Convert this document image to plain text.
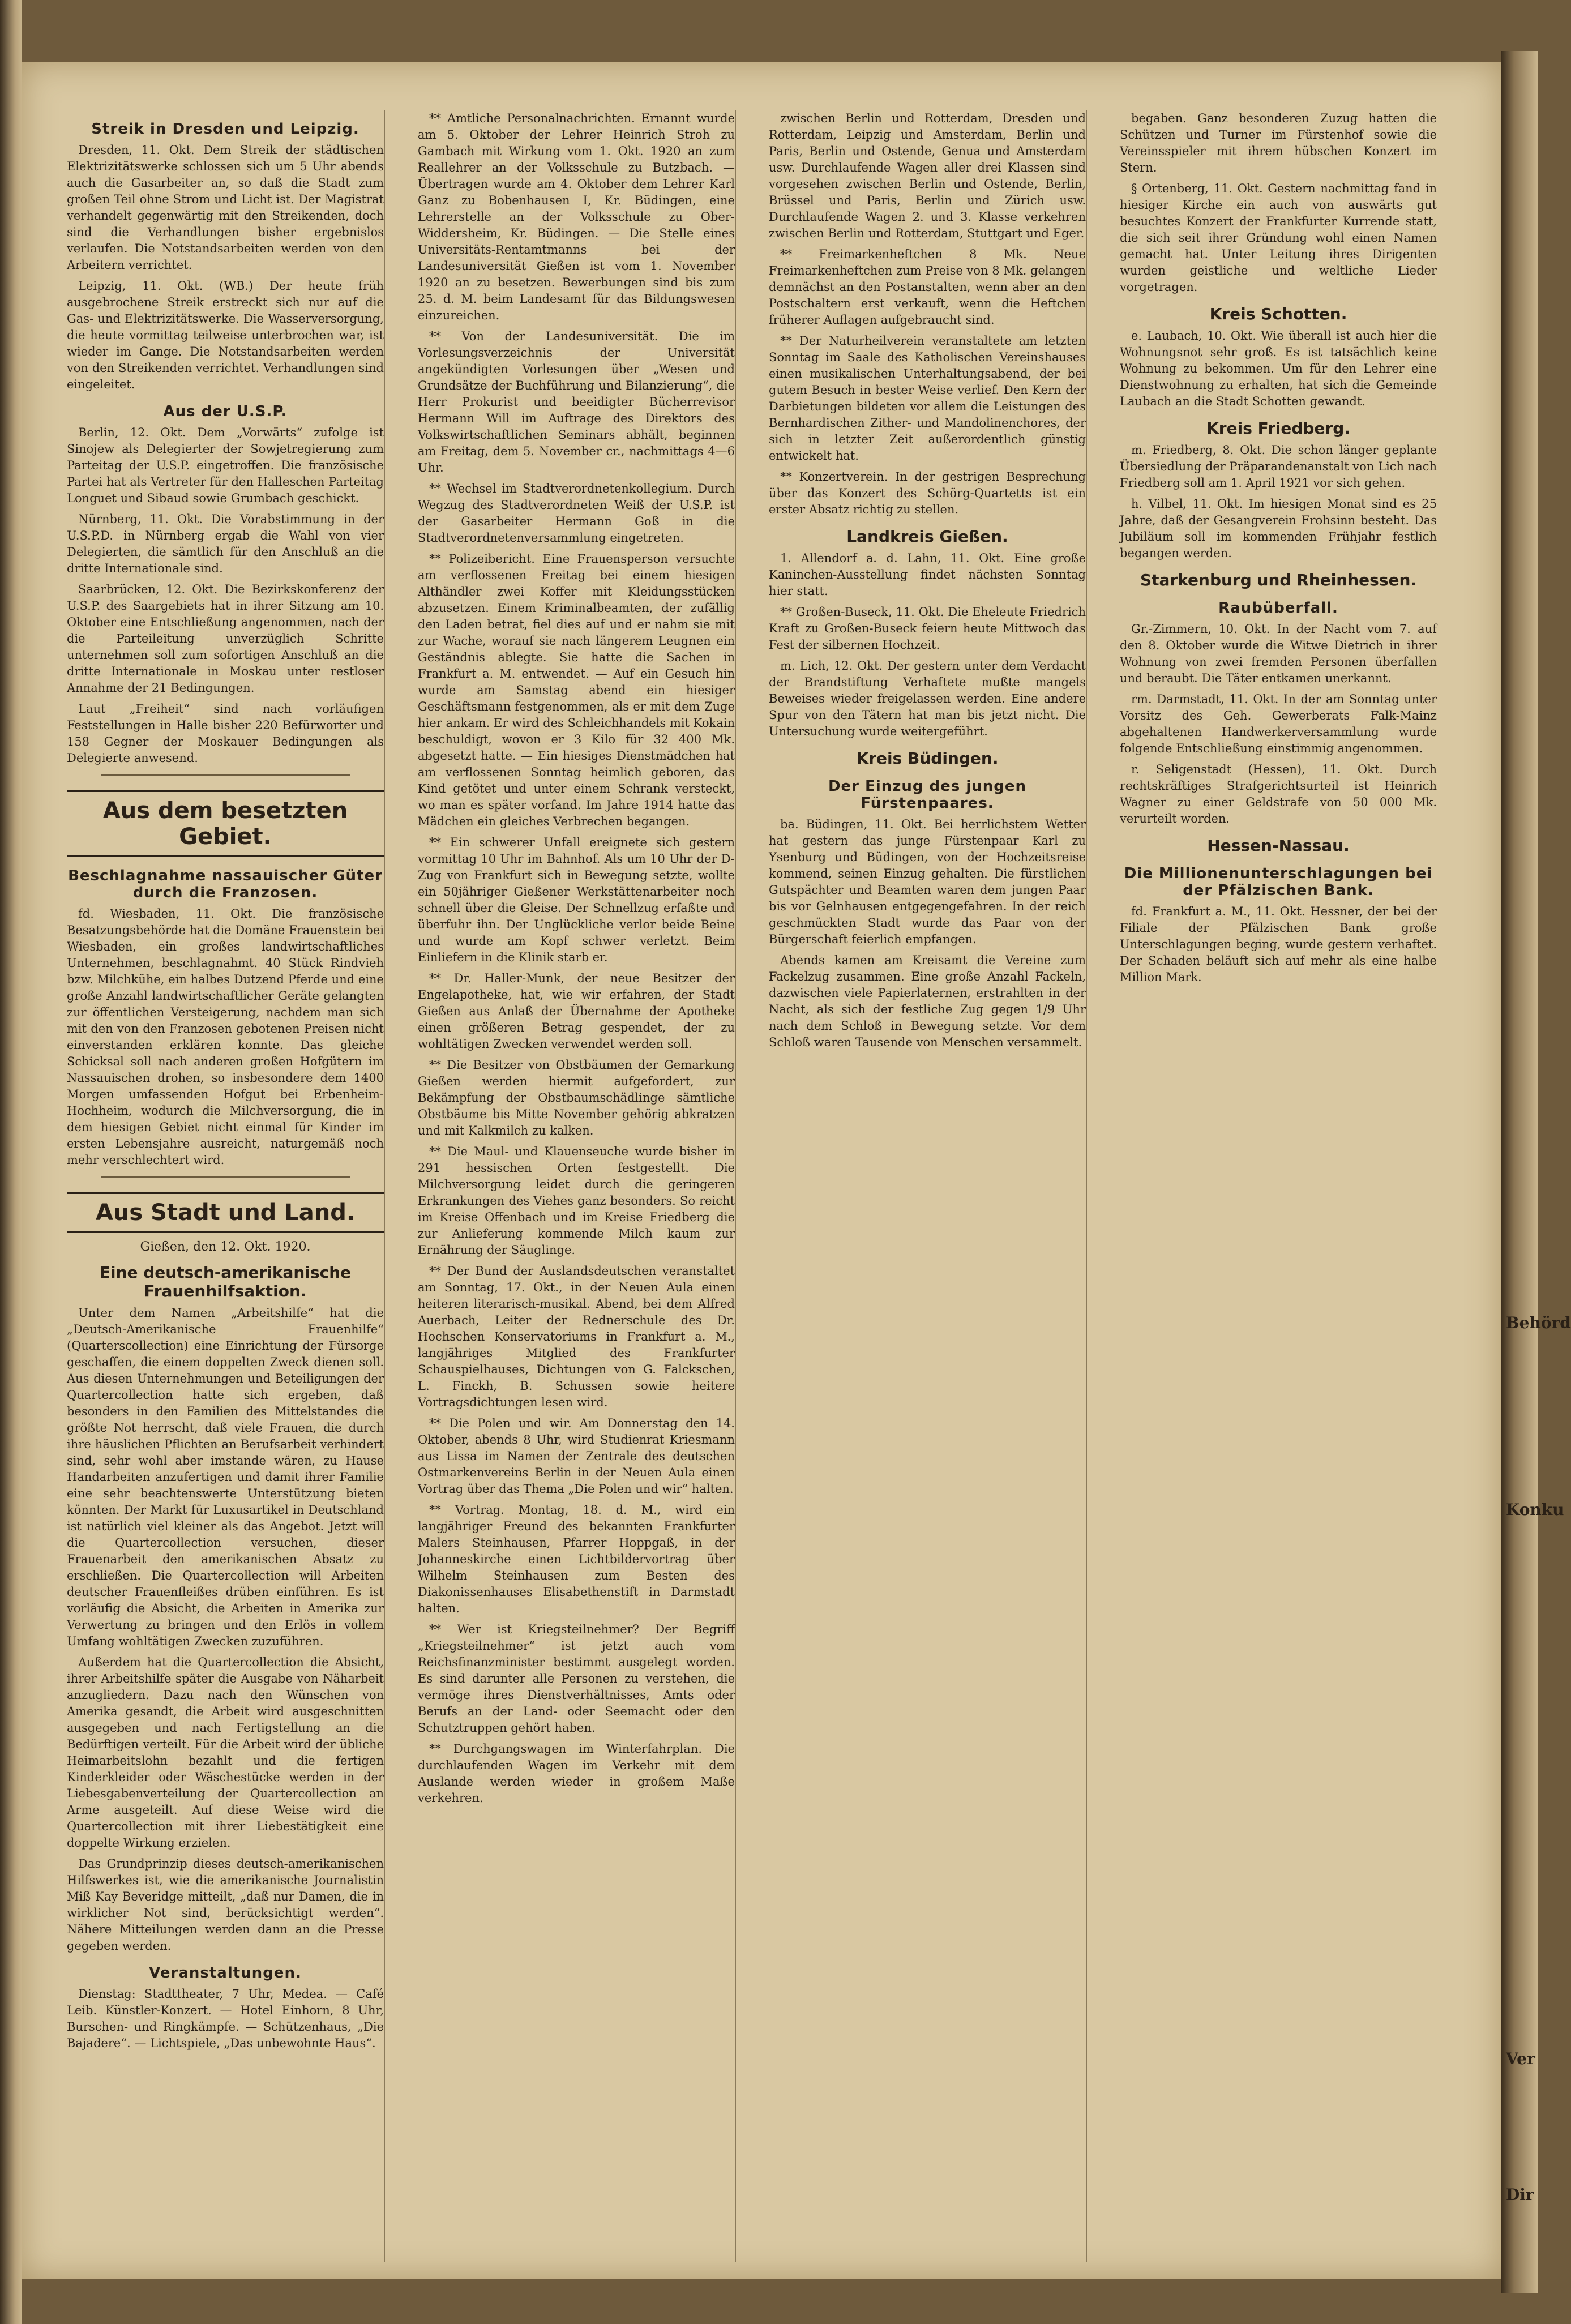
Streik in Dresden und Leipzig.

Dresden, 11. Okt. Dem Streik der städtischen Elektrizitätswerke schlossen sich um 5 Uhr abends auch die Gasarbeiter an, so daß die Stadt zum großen Teil ohne Strom und Licht ist. Der Magistrat verhandelt gegenwärtig mit den Streikenden, doch sind die Verhandlungen bisher ergebnislos verlaufen. Die Notstandsarbeiten werden von den Arbeitern verrichtet.

Leipzig, 11. Okt. (WB.) Der heute früh ausgebrochene Streik erstreckt sich nur auf die Gas- und Elektrizitätswerke. Die Wasserversorgung, die heute vormittag teilweise unterbrochen war, ist wieder im Gange. Die Notstandsarbeiten werden von den Streikenden verrichtet. Verhandlungen sind eingeleitet.

Aus der U.S.P.

Berlin, 12. Okt. Dem „Vorwärts“ zufolge ist Sinojew als Delegierter der Sowjetregierung zum Parteitag der U.S.P. eingetroffen. Die französische Partei hat als Vertreter für den Halleschen Parteitag Longuet und Sibaud sowie Grumbach geschickt.

Nürnberg, 11. Okt. Die Vorabstimmung in der U.S.P.D. in Nürnberg ergab die Wahl von vier Delegierten, die sämtlich für den Anschluß an die dritte Internationale sind.

Saarbrücken, 12. Okt. Die Bezirkskonferenz der U.S.P. des Saargebiets hat in ihrer Sitzung am 10. Oktober eine Entschließung angenommen, nach der die Parteileitung unverzüglich Schritte unternehmen soll zum sofortigen Anschluß an die dritte Internationale in Moskau unter restloser Annahme der 21 Bedingungen.

Laut „Freiheit“ sind nach vorläufigen Feststellungen in Halle bisher 220 Befürworter und 158 Gegner der Moskauer Bedingungen als Delegierte anwesend.

Aus dem besetzten Gebiet.
Beschlagnahme nassauischer Güter durch die Franzosen.

fd. Wiesbaden, 11. Okt. Die französische Besatzungsbehörde hat die Domäne Frauenstein bei Wiesbaden, ein großes landwirtschaftliches Unternehmen, beschlagnahmt. 40 Stück Rindvieh bzw. Milchkühe, ein halbes Dutzend Pferde und eine große Anzahl landwirtschaftlicher Geräte gelangten zur öffentlichen Versteigerung, nachdem man sich mit den von den Franzosen gebotenen Preisen nicht einverstanden erklären konnte. Das gleiche Schicksal soll nach anderen großen Hofgütern im Nassauischen drohen, so insbesondere dem 1400 Morgen umfassenden Hofgut bei Erbenheim-Hochheim, wodurch die Milchversorgung, die in dem hiesigen Gebiet nicht einmal für Kinder im ersten Lebensjahre ausreicht, naturgemäß noch mehr verschlechtert wird.

Aus Stadt und Land.
Gießen, den 12. Okt. 1920.
Eine deutsch-amerikanische Frauenhilfsaktion.

Unter dem Namen „Arbeitshilfe“ hat die „Deutsch-Amerikanische Frauenhilfe“ (Quarterscollection) eine Einrichtung der Fürsorge geschaffen, die einem doppelten Zweck dienen soll. Aus diesen Unternehmungen und Beteiligungen der Quartercollection hatte sich ergeben, daß besonders in den Familien des Mittelstandes die größte Not herrscht, daß viele Frauen, die durch ihre häuslichen Pflichten an Berufsarbeit verhindert sind, sehr wohl aber imstande wären, zu Hause Handarbeiten anzufertigen und damit ihrer Familie eine sehr beachtenswerte Unterstützung bieten könnten. Der Markt für Luxusartikel in Deutschland ist natürlich viel kleiner als das Angebot. Jetzt will die Quartercollection versuchen, dieser Frauenarbeit den amerikanischen Absatz zu erschließen. Die Quartercollection will Arbeiten deutscher Frauenfleißes drüben einführen. Es ist vorläufig die Absicht, die Arbeiten in Amerika zur Verwertung zu bringen und den Erlös in vollem Umfang wohltätigen Zwecken zuzuführen.

Außerdem hat die Quartercollection die Absicht, ihrer Arbeitshilfe später die Ausgabe von Näharbeit anzugliedern. Dazu nach den Wünschen von Amerika gesandt, die Arbeit wird ausgeschnitten ausgegeben und nach Fertigstellung an die Bedürftigen verteilt. Für die Arbeit wird der übliche Heimarbeitslohn bezahlt und die fertigen Kinderkleider oder Wäschestücke werden in der Liebesgabenverteilung der Quartercollection an Arme ausgeteilt. Auf diese Weise wird die Quartercollection mit ihrer Liebestätigkeit eine doppelte Wirkung erzielen.

Das Grundprinzip dieses deutsch-amerikanischen Hilfswerkes ist, wie die amerikanische Journalistin Miß Kay Beveridge mitteilt, „daß nur Damen, die in wirklicher Not sind, berücksichtigt werden“. Nähere Mitteilungen werden dann an die Presse gegeben werden.

Veranstaltungen.

Dienstag: Stadttheater, 7 Uhr, Medea. — Café Leib. Künstler-Konzert. — Hotel Einhorn, 8 Uhr, Burschen- und Ringkämpfe. — Schützenhaus, „Die Bajadere“. — Lichtspiele, „Das unbewohnte Haus“.

** Amtliche Personalnachrichten. Ernannt wurde am 5. Oktober der Lehrer Heinrich Stroh zu Gambach mit Wirkung vom 1. Okt. 1920 an zum Reallehrer an der Volksschule zu Butzbach. — Übertragen wurde am 4. Oktober dem Lehrer Karl Ganz zu Bobenhausen I, Kr. Büdingen, eine Lehrerstelle an der Volksschule zu Ober-Widdersheim, Kr. Büdingen. — Die Stelle eines Universitäts-Rentamtmanns bei der Landesuniversität Gießen ist vom 1. November 1920 an zu besetzen. Bewerbungen sind bis zum 25. d. M. beim Landesamt für das Bildungswesen einzureichen.

** Von der Landesuniversität. Die im Vorlesungsverzeichnis der Universität angekündigten Vorlesungen über „Wesen und Grundsätze der Buchführung und Bilanzierung“, die Herr Prokurist und beeidigter Bücherrevisor Hermann Will im Auftrage des Direktors des Volkswirtschaftlichen Seminars abhält, beginnen am Freitag, dem 5. November cr., nachmittags 4—6 Uhr.

** Wechsel im Stadtverordnetenkollegium. Durch Wegzug des Stadtverordneten Weiß der U.S.P. ist der Gasarbeiter Hermann Goß in die Stadtverordnetenversammlung eingetreten.

** Polizeibericht. Eine Frauensperson versuchte am verflossenen Freitag bei einem hiesigen Althändler zwei Koffer mit Kleidungsstücken abzusetzen. Einem Kriminalbeamten, der zufällig den Laden betrat, fiel dies auf und er nahm sie mit zur Wache, worauf sie nach längerem Leugnen ein Geständnis ablegte. Sie hatte die Sachen in Frankfurt a. M. entwendet. — Auf ein Gesuch hin wurde am Samstag abend ein hiesiger Geschäftsmann festgenommen, als er mit dem Zuge hier ankam. Er wird des Schleichhandels mit Kokain beschuldigt, wovon er 3 Kilo für 32 400 Mk. abgesetzt hatte. — Ein hiesiges Dienstmädchen hat am verflossenen Sonntag heimlich geboren, das Kind getötet und unter einem Schrank versteckt, wo man es später vorfand. Im Jahre 1914 hatte das Mädchen ein gleiches Verbrechen begangen.

** Ein schwerer Unfall ereignete sich gestern vormittag 10 Uhr im Bahnhof. Als um 10 Uhr der D-Zug von Frankfurt sich in Bewegung setzte, wollte ein 50jähriger Gießener Werkstättenarbeiter noch schnell über die Gleise. Der Schnellzug erfaßte und überfuhr ihn. Der Unglückliche verlor beide Beine und wurde am Kopf schwer verletzt. Beim Einliefern in die Klinik starb er.

** Dr. Haller-Munk, der neue Besitzer der Engelapotheke, hat, wie wir erfahren, der Stadt Gießen aus Anlaß der Übernahme der Apotheke einen größeren Betrag gespendet, der zu wohltätigen Zwecken verwendet werden soll.

** Die Besitzer von Obstbäumen der Gemarkung Gießen werden hiermit aufgefordert, zur Bekämpfung der Obstbaumschädlinge sämtliche Obstbäume bis Mitte November gehörig abkratzen und mit Kalkmilch zu kalken.

** Die Maul- und Klauenseuche wurde bisher in 291 hessischen Orten festgestellt. Die Milchversorgung leidet durch die geringeren Erkrankungen des Viehes ganz besonders. So reicht im Kreise Offenbach und im Kreise Friedberg die zur Anlieferung kommende Milch kaum zur Ernährung der Säuglinge.

** Der Bund der Auslandsdeutschen veranstaltet am Sonntag, 17. Okt., in der Neuen Aula einen heiteren literarisch-musikal. Abend, bei dem Alfred Auerbach, Leiter der Rednerschule des Dr. Hochschen Konservatoriums in Frankfurt a. M., langjähriges Mitglied des Frankfurter Schauspielhauses, Dichtungen von G. Falckschen, L. Finckh, B. Schussen sowie heitere Vortragsdichtungen lesen wird.

** Die Polen und wir. Am Donnerstag den 14. Oktober, abends 8 Uhr, wird Studienrat Kriesmann aus Lissa im Namen der Zentrale des deutschen Ostmarkenvereins Berlin in der Neuen Aula einen Vortrag über das Thema „Die Polen und wir“ halten.

** Vortrag. Montag, 18. d. M., wird ein langjähriger Freund des bekannten Frankfurter Malers Steinhausen, Pfarrer Hoppgaß, in der Johanneskirche einen Lichtbildervortrag über Wilhelm Steinhausen zum Besten des Diakonissenhauses Elisabethenstift in Darmstadt halten.

** Wer ist Kriegsteilnehmer? Der Begriff „Kriegsteilnehmer“ ist jetzt auch vom Reichsfinanzminister bestimmt ausgelegt worden. Es sind darunter alle Personen zu verstehen, die vermöge ihres Dienstverhältnisses, Amts oder Berufs an der Land- oder Seemacht oder den Schutztruppen gehört haben.

** Durchgangswagen im Winterfahrplan. Die durchlaufenden Wagen im Verkehr mit dem Auslande werden wieder in großem Maße verkehren.

zwischen Berlin und Rotterdam, Dresden und Rotterdam, Leipzig und Amsterdam, Berlin und Paris, Berlin und Ostende, Genua und Amsterdam usw. Durchlaufende Wagen aller drei Klassen sind vorgesehen zwischen Berlin und Ostende, Berlin, Brüssel und Paris, Berlin und Zürich usw. Durchlaufende Wagen 2. und 3. Klasse verkehren zwischen Berlin und Rotterdam, Stuttgart und Eger.

** Freimarkenheftchen 8 Mk. Neue Freimarkenheftchen zum Preise von 8 Mk. gelangen demnächst an den Postanstalten, wenn aber an den Postschaltern erst verkauft, wenn die Heftchen früherer Auflagen aufgebraucht sind.

** Der Naturheilverein veranstaltete am letzten Sonntag im Saale des Katholischen Vereinshauses einen musikalischen Unterhaltungsabend, der bei gutem Besuch in bester Weise verlief. Den Kern der Darbietungen bildeten vor allem die Leistungen des Bernhardischen Zither- und Mandolinenchores, der sich in letzter Zeit außerordentlich günstig entwickelt hat.

** Konzertverein. In der gestrigen Besprechung über das Konzert des Schörg-Quartetts ist ein erster Absatz richtig zu stellen.

Landkreis Gießen.

1. Allendorf a. d. Lahn, 11. Okt. Eine große Kaninchen-Ausstellung findet nächsten Sonntag hier statt.

** Großen-Buseck, 11. Okt. Die Eheleute Friedrich Kraft zu Großen-Buseck feiern heute Mittwoch das Fest der silbernen Hochzeit.

m. Lich, 12. Okt. Der gestern unter dem Verdacht der Brandstiftung Verhaftete mußte mangels Beweises wieder freigelassen werden. Eine andere Spur von den Tätern hat man bis jetzt nicht. Die Untersuchung wurde weitergeführt.

Kreis Büdingen.
Der Einzug des jungen Fürstenpaares.

ba. Büdingen, 11. Okt. Bei herrlichstem Wetter hat gestern das junge Fürstenpaar Karl zu Ysenburg und Büdingen, von der Hochzeitsreise kommend, seinen Einzug gehalten. Die fürstlichen Gutspächter und Beamten waren dem jungen Paar bis vor Gelnhausen entgegengefahren. In der reich geschmückten Stadt wurde das Paar von der Bürgerschaft feierlich empfangen.

Abends kamen am Kreisamt die Vereine zum Fackelzug zusammen. Eine große Anzahl Fackeln, dazwischen viele Papierlaternen, erstrahlten in der Nacht, als sich der festliche Zug gegen 1/9 Uhr nach dem Schloß in Bewegung setzte. Vor dem Schloß waren Tausende von Menschen versammelt.

begaben. Ganz besonderen Zuzug hatten die Schützen und Turner im Fürstenhof sowie die Vereinsspieler mit ihrem hübschen Konzert im Stern.

§ Ortenberg, 11. Okt. Gestern nachmittag fand in hiesiger Kirche ein auch von auswärts gut besuchtes Konzert der Frankfurter Kurrende statt, die sich seit ihrer Gründung wohl einen Namen gemacht hat. Unter Leitung ihres Dirigenten wurden geistliche und weltliche Lieder vorgetragen.

Kreis Schotten.

e. Laubach, 10. Okt. Wie überall ist auch hier die Wohnungsnot sehr groß. Es ist tatsächlich keine Wohnung zu bekommen. Um für den Lehrer eine Dienstwohnung zu erhalten, hat sich die Gemeinde Laubach an die Stadt Schotten gewandt.

Kreis Friedberg.

m. Friedberg, 8. Okt. Die schon länger geplante Übersiedlung der Präparandenanstalt von Lich nach Friedberg soll am 1. April 1921 vor sich gehen.

h. Vilbel, 11. Okt. Im hiesigen Monat sind es 25 Jahre, daß der Gesangverein Frohsinn besteht. Das Jubiläum soll im kommenden Frühjahr festlich begangen werden.

Starkenburg und Rheinhessen.
Raubüberfall.

Gr.-Zimmern, 10. Okt. In der Nacht vom 7. auf den 8. Oktober wurde die Witwe Dietrich in ihrer Wohnung von zwei fremden Personen überfallen und beraubt. Die Täter entkamen unerkannt.

rm. Darmstadt, 11. Okt. In der am Sonntag unter Vorsitz des Geh. Gewerberats Falk-Mainz abgehaltenen Handwerkerversammlung wurde folgende Entschließung einstimmig angenommen.

r. Seligenstadt (Hessen), 11. Okt. Durch rechtskräftiges Strafgerichtsurteil ist Heinrich Wagner zu einer Geldstrafe von 50 000 Mk. verurteilt worden.

Hessen-Nassau.
Die Millionenunterschlagungen bei der Pfälzischen Bank.

fd. Frankfurt a. M., 11. Okt. Hessner, der bei der Filiale der Pfälzischen Bank große Unterschlagungen beging, wurde gestern verhaftet. Der Schaden beläuft sich auf mehr als eine halbe Million Mark.

Behörd
Konku
Ver
Dir
